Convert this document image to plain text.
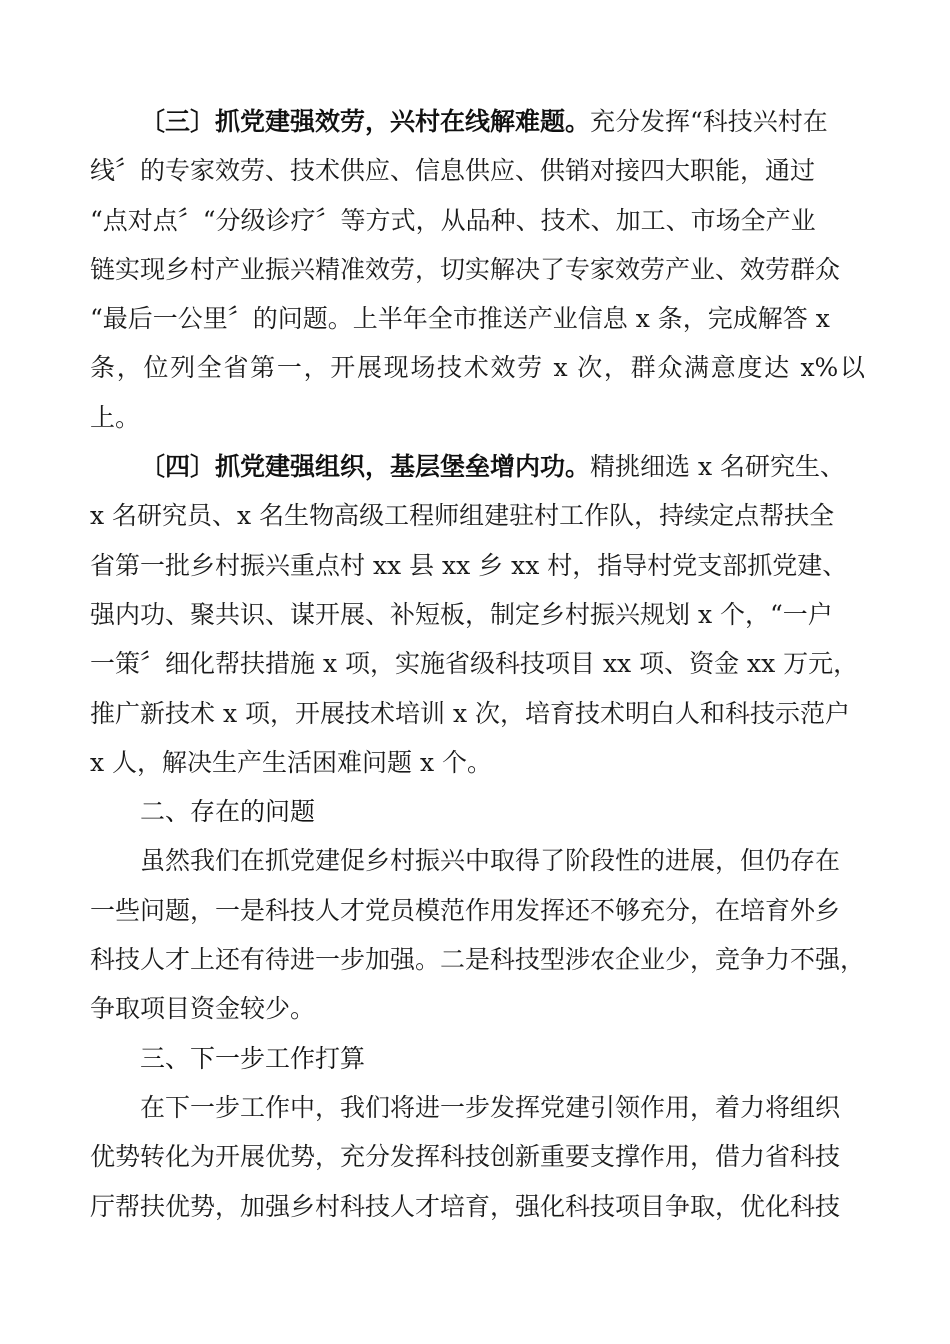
〔三〕抓党建强效劳，兴村在线解难题。充分发挥“科技兴村在
线〞的专家效劳、技术供应、信息供应、供销对接四大职能，通过
“点对点〞“分级诊疗〞等方式，从品种、技术、加工、市场全产业
链实现乡村产业振兴精准效劳，切实解决了专家效劳产业、效劳群众
“最后一公里〞的问题。上半年全市推送产业信息 x 条，完成解答 x
条，位列全省第一，开展现场技术效劳 x 次，群众满意度达 x%以上。

〔四〕抓党建强组织，基层堡垒增内功。精挑细选 x 名研究生、
x 名研究员、x 名生物高级工程师组建驻村工作队，持续定点帮扶全
省第一批乡村振兴重点村 xx 县 xx 乡 xx 村，指导村党支部抓党建、
强内功、聚共识、谋开展、补短板，制定乡村振兴规划 x 个，“一户
一策〞细化帮扶措施 x 项，实施省级科技项目 xx 项、资金 xx 万元，
推广新技术 x 项，开展技术培训 x 次，培育技术明白人和科技示范户
x 人，解决生产生活困难问题 x 个。

二、存在的问题

虽然我们在抓党建促乡村振兴中取得了阶段性的进展，但仍存在
一些问题，一是科技人才党员模范作用发挥还不够充分，在培育外乡
科技人才上还有待进一步加强。二是科技型涉农企业少，竞争力不强，
争取项目资金较少。

三、下一步工作打算

在下一步工作中，我们将进一步发挥党建引领作用，着力将组织
优势转化为开展优势，充分发挥科技创新重要支撑作用，借力省科技
厅帮扶优势，加强乡村科技人才培育，强化科技项目争取，优化科技
